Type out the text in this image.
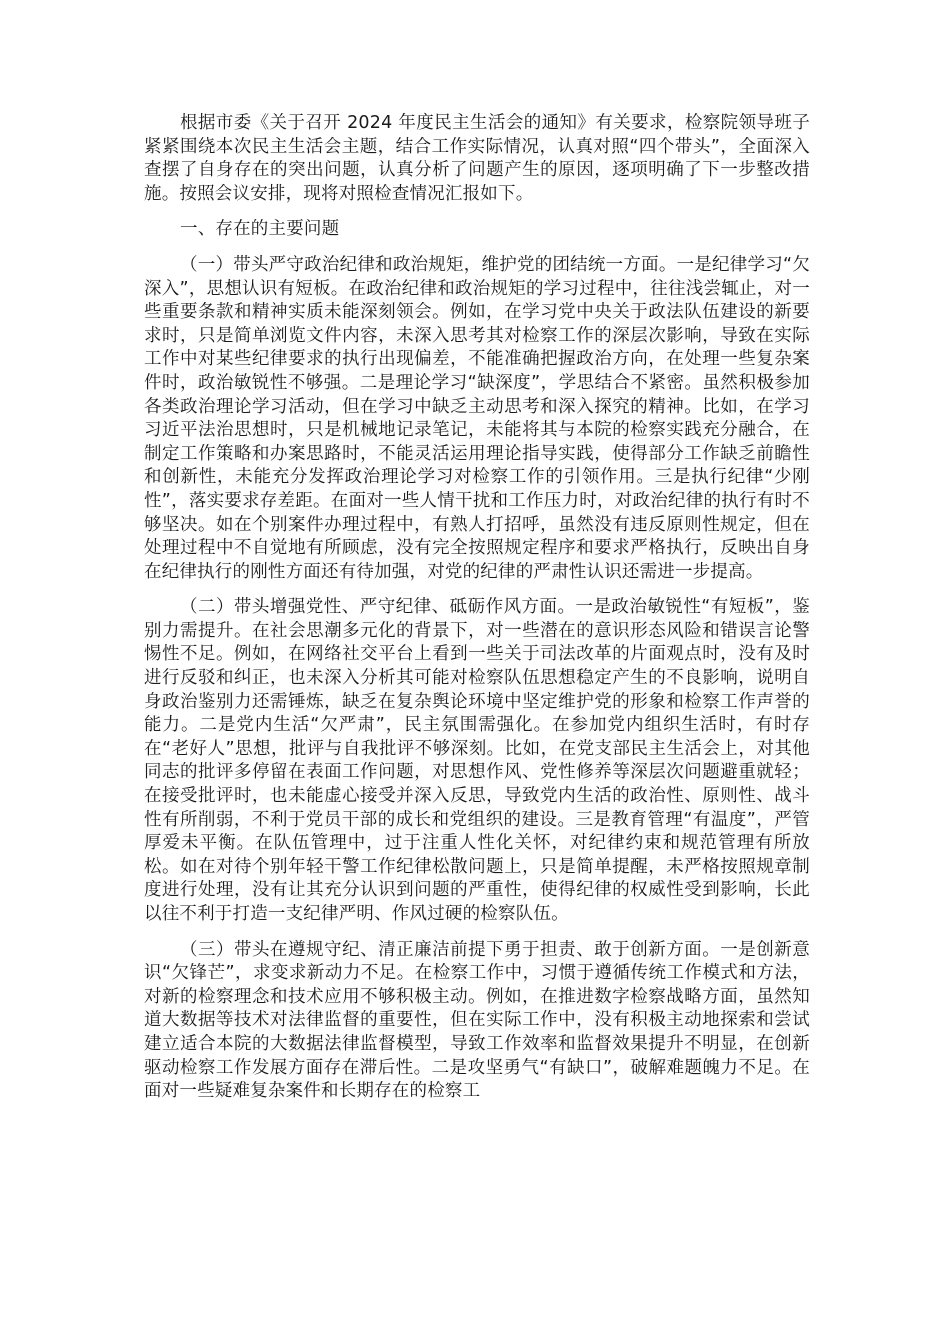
根据市委《关于召开 2024 年度民主生活会的通知》有关要求，检察院领导班子紧紧围绕本次民主生活会主题，结合工作实际情况，认真对照“四个带头”，全面深入查摆了自身存在的突出问题，认真分析了问题产生的原因，逐项明确了下一步整改措施。按照会议安排，现将对照检查情况汇报如下。

一、存在的主要问题

（一）带头严守政治纪律和政治规矩，维护党的团结统一方面。一是纪律学习“欠深入”，思想认识有短板。在政治纪律和政治规矩的学习过程中，往往浅尝辄止，对一些重要条款和精神实质未能深刻领会。例如，在学习党中央关于政法队伍建设的新要求时，只是简单浏览文件内容，未深入思考其对检察工作的深层次影响，导致在实际工作中对某些纪律要求的执行出现偏差，不能准确把握政治方向，在处理一些复杂案件时，政治敏锐性不够强。二是理论学习“缺深度”，学思结合不紧密。虽然积极参加各类政治理论学习活动，但在学习中缺乏主动思考和深入探究的精神。比如，在学习习近平法治思想时，只是机械地记录笔记，未能将其与本院的检察实践充分融合，在制定工作策略和办案思路时，不能灵活运用理论指导实践，使得部分工作缺乏前瞻性和创新性，未能充分发挥政治理论学习对检察工作的引领作用。三是执行纪律“少刚性”，落实要求存差距。在面对一些人情干扰和工作压力时，对政治纪律的执行有时不够坚决。如在个别案件办理过程中，有熟人打招呼，虽然没有违反原则性规定，但在处理过程中不自觉地有所顾虑，没有完全按照规定程序和要求严格执行，反映出自身在纪律执行的刚性方面还有待加强，对党的纪律的严肃性认识还需进一步提高。

（二）带头增强党性、严守纪律、砥砺作风方面。一是政治敏锐性“有短板”，鉴别力需提升。在社会思潮多元化的背景下，对一些潜在的意识形态风险和错误言论警惕性不足。例如，在网络社交平台上看到一些关于司法改革的片面观点时，没有及时进行反驳和纠正，也未深入分析其可能对检察队伍思想稳定产生的不良影响，说明自身政治鉴别力还需锤炼，缺乏在复杂舆论环境中坚定维护党的形象和检察工作声誉的能力。二是党内生活“欠严肃”，民主氛围需强化。在参加党内组织生活时，有时存在“老好人”思想，批评与自我批评不够深刻。比如，在党支部民主生活会上，对其他同志的批评多停留在表面工作问题，对思想作风、党性修养等深层次问题避重就轻；在接受批评时，也未能虚心接受并深入反思，导致党内生活的政治性、原则性、战斗性有所削弱，不利于党员干部的成长和党组织的建设。三是教育管理“有温度”，严管厚爱未平衡。在队伍管理中，过于注重人性化关怀，对纪律约束和规范管理有所放松。如在对待个别年轻干警工作纪律松散问题上，只是简单提醒，未严格按照规章制度进行处理，没有让其充分认识到问题的严重性，使得纪律的权威性受到影响，长此以往不利于打造一支纪律严明、作风过硬的检察队伍。

（三）带头在遵规守纪、清正廉洁前提下勇于担责、敢于创新方面。一是创新意识“欠锋芒”，求变求新动力不足。在检察工作中，习惯于遵循传统工作模式和方法，对新的检察理念和技术应用不够积极主动。例如，在推进数字检察战略方面，虽然知道大数据等技术对法律监督的重要性，但在实际工作中，没有积极主动地探索和尝试建立适合本院的大数据法律监督模型，导致工作效率和监督效果提升不明显，在创新驱动检察工作发展方面存在滞后性。二是攻坚勇气“有缺口”，破解难题魄力不足。在面对一些疑难复杂案件和长期存在的检察工
